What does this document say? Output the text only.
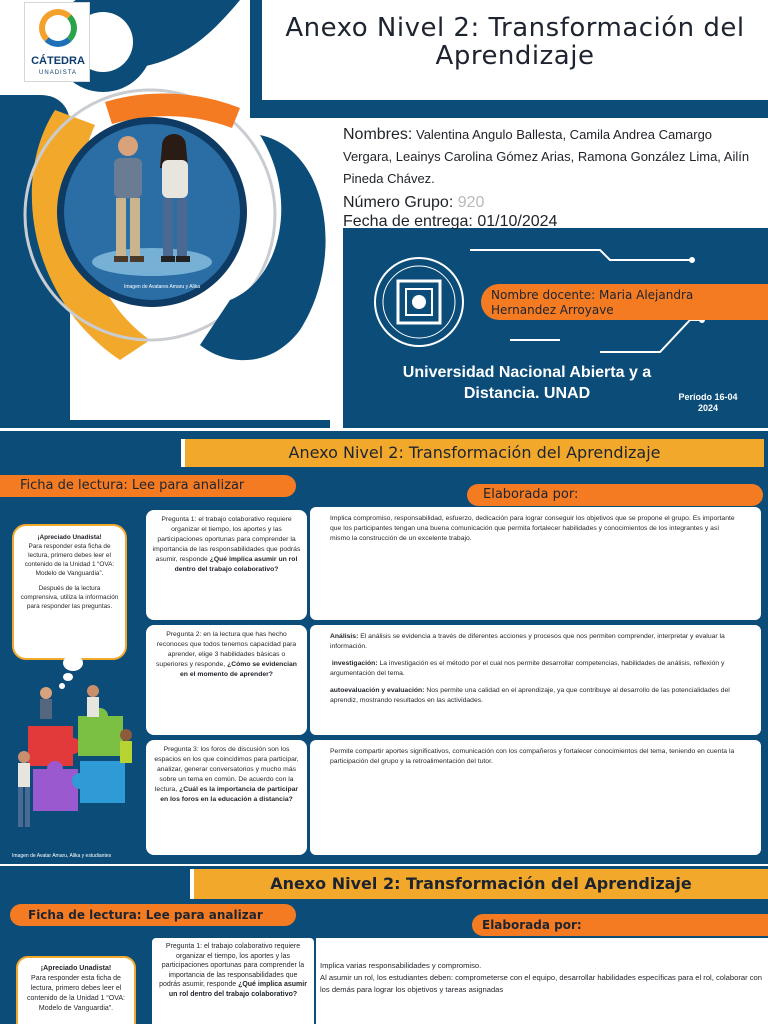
Imagen de Avatares Amaru y Alika
CÁTEDRA
UNADISTA
Anexo Nivel 2: Transformación del Aprendizaje
Nombres: Valentina Angulo Ballesta, Camila Andrea Camargo Vergara, Leainys Carolina Gómez Arias, Ramona González Lima, Ailín Pineda Chávez.
Número Grupo: 920
Fecha de entrega: 01/10/2024
Nombre docente: Maria Alejandra Hernandez Arroyave
Universidad Nacional Abierta y a Distancia. UNAD	Período 16-04
2024
Anexo Nivel 2: Transformación del Aprendizaje
Ficha de lectura: Lee para analizar
Elaborada por:
¡Apreciado Unadista!
Para responder esta ficha de lectura, primero debes leer el contenido de la Unidad 1 “OVA: Modelo de Vanguardia”.
Después de la lectura comprensiva, utiliza la información para responder las preguntas.
Imagen de Avatar Amaru, Alika y estudiantes
Pregunta 1: el trabajo colaborativo requiere organizar el tiempo, los aportes y las participaciones oportunas para comprender la importancia de las responsabilidades que podrás asumir, responde ¿Qué implica asumir un rol dentro del trabajo colaborativo?
Pregunta 2: en la lectura que has hecho reconoces que todos tenemos capacidad para aprender, elige 3 habilidades básicas o superiores y responde, ¿Cómo se evidencian en el momento de aprender?
Pregunta 3: los foros de discusión son los espacios en los que coincidimos para participar, analizar, generar conversatorios y mucho más sobre un tema en común. De acuerdo con la lectura, ¿Cuál es la importancia de participar en los foros en la educación a distancia?

Implica compromiso, responsabilidad, esfuerzo, dedicación para lograr conseguir los objetivos que se propone el grupo. Es importante que los participantes tengan una buena comunicación que permita fortalecer habilidades y conocimientos de los integrantes y así mismo la construcción de un excelente trabajo.

Análisis: El análisis se evidencia a través de diferentes acciones y procesos que nos permiten comprender, interpretar y evaluar la información.

investigación: La investigación es el método por el cual nos permite desarrollar competencias, habilidades de análisis, reflexión y argumentación del tema.

autoevaluación y evaluación: Nos permite una calidad en el aprendizaje, ya que contribuye al desarrollo de las potencialidades del aprendiz, mostrando resultados en las actividades.

Permite compartir aportes significativos, comunicación con los compañeros y fortalecer conocimientos del tema, teniendo en cuenta la participación del grupo y la retroalimentación del tutor.

Anexo Nivel 2: Transformación del Aprendizaje
Ficha de lectura: Lee para analizar
Elaborada por:
¡Apreciado Unadista!
Para responder esta ficha de lectura, primero debes leer el contenido de la Unidad 1 “OVA: Modelo de Vanguardia”.
Pregunta 1: el trabajo colaborativo requiere organizar el tiempo, los aportes y las participaciones oportunas para comprender la importancia de las responsabilidades que podrás asumir, responde ¿Qué implica asumir un rol dentro del trabajo colaborativo?

Implica varias responsabilidades y compromiso.

Al asumir un rol, los estudiantes deben: comprometerse con el equipo, desarrollar habilidades específicas para el rol, colaborar con los demás para lograr los objetivos y tareas asignadas
